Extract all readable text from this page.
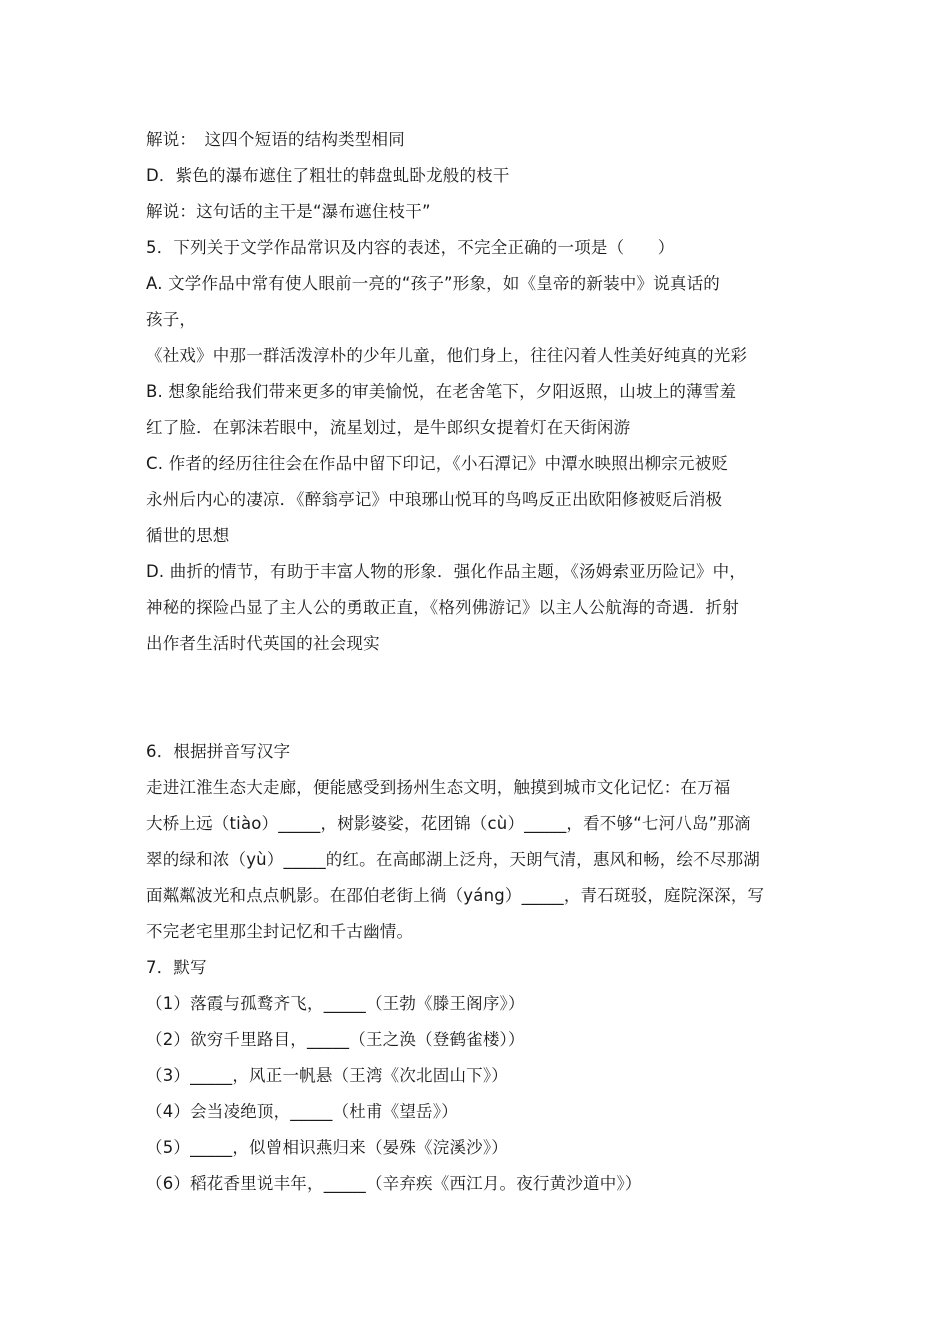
解说：　这四个短语的结构类型相同
D．紫色的瀑布遮住了粗壮的韩盘虬卧龙般的枝干
解说：这句话的主干是“瀑布遮住枝干”
5．下列关于文学作品常识及内容的表述，不完全正确的一项是（　　）
A. 文学作品中常有使人眼前一亮的“孩子”形象，如《皇帝的新装中》说真话的
孩子，
《社戏》中那一群活泼淳朴的少年儿童，他们身上，往往闪着人性美好纯真的光彩
B. 想象能给我们带来更多的审美愉悦，在老舍笔下，夕阳返照，山坡上的薄雪羞
红了脸．在郭沫若眼中，流星划过，是牛郎织女提着灯在天街闲游
C. 作者的经历往往会在作品中留下印记，《小石潭记》中潭水映照出柳宗元被贬
永州后内心的凄凉．《醉翁亭记》中琅琊山悦耳的鸟鸣反正出欧阳修被贬后消极
循世的思想
D. 曲折的情节，有助于丰富人物的形象．强化作品主题，《汤姆索亚历险记》中，
神秘的探险凸显了主人公的勇敢正直，《格列佛游记》以主人公航海的奇遇．折射
出作者生活时代英国的社会现实
6．根据拼音写汉字
走进江淮生态大走廊，便能感受到扬州生态文明，触摸到城市文化记忆：在万福
大桥上远（tiào）_____，树影婆娑，花团锦（cù）_____，看不够“七河八岛”那滴
翠的绿和浓（yù）_____的红。在高邮湖上泛舟，天朗气清，惠风和畅，绘不尽那湖
面粼粼波光和点点帆影。在邵伯老街上徜（yáng）_____，青石斑驳，庭院深深，写
不完老宅里那尘封记忆和千古幽情。
7．默写
（1）落霞与孤鹜齐飞，_____（王勃《滕王阁序》）
（2）欲穷千里路目，_____（王之涣（登鹤雀楼））
（3）_____，风正一帆悬（王湾《次北固山下》）
（4）会当凌绝顶，_____（杜甫《望岳》）
（5）_____，似曾相识燕归来（晏殊《浣溪沙》）
（6）稻花香里说丰年，_____（辛弃疾《西江月。夜行黄沙道中》）
